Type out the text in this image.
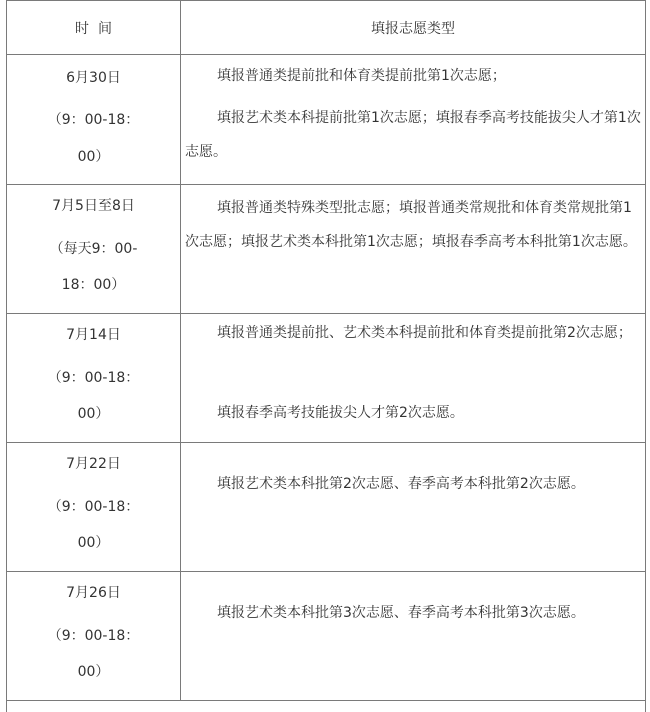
时  间	填报志愿类型
6月30日
（9：00-18：
00）
填报普通类提前批和体育类提前批第1次志愿；
填报艺术类本科提前批第1次志愿；填报春季高考技能拔尖人才第1次志愿。
7月5日至8日
（每天9：00-
18：00）
填报普通类特殊类型批志愿；填报普通类常规批和体育类常规批第1次志愿；填报艺术类本科批第1次志愿；填报春季高考本科批第1次志愿。
7月14日
（9：00-18：
00）
填报普通类提前批、艺术类本科提前批和体育类提前批第2次志愿；
填报春季高考技能拔尖人才第2次志愿。
7月22日
（9：00-18：
00）
填报艺术类本科批第2次志愿、春季高考本科批第2次志愿。
7月26日
（9：00-18：
00）
填报艺术类本科批第3次志愿、春季高考本科批第3次志愿。
